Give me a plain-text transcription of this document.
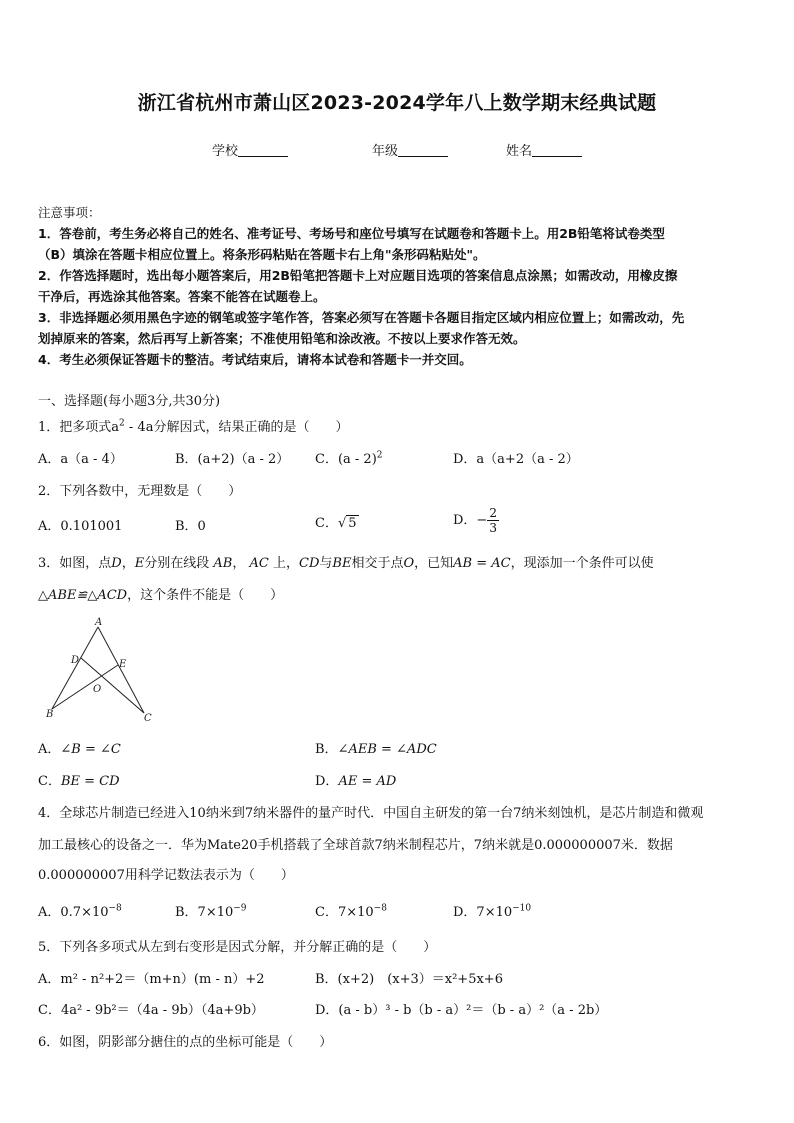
浙江省杭州市萧山区2023-2024学年八上数学期末经典试题
学校	年级	姓名
注意事项：
1．答卷前，考生务必将自己的姓名、准考证号、考场号和座位号填写在试题卷和答题卡上。用2B铅笔将试卷类型
（B）填涂在答题卡相应位置上。将条形码粘贴在答题卡右上角"条形码粘贴处"。
2．作答选择题时，选出每小题答案后，用2B铅笔把答题卡上对应题目选项的答案信息点涂黑；如需改动，用橡皮擦
干净后，再选涂其他答案。答案不能答在试题卷上。
3．非选择题必须用黑色字迹的钢笔或签字笔作答，答案必须写在答题卡各题目指定区域内相应位置上；如需改动，先
划掉原来的答案，然后再写上新答案；不准使用铅笔和涂改液。不按以上要求作答无效。
4．考生必须保证答题卡的整洁。考试结束后，请将本试卷和答题卡一并交回。
一、选择题(每小题3分,共30分)
1．把多项式$a^2 - 4a$分解因式，结果正确的是（　　）
A．a（a - 4）	B．(a+2)（a - 2） C．(a - 2)$^2$	D．a（a+2（a - 2）
2．下列各数中，无理数是（　　）
A．0.101001	B．0	C．√ 5	D．− $\frac{2}{3}$
3．如图，点D，E分别在线段 AB， AC 上，CD与BE相交于点O，已知AB = AC，现添加一个条件可以使
△ABE≌△ACD，这个条件不能是（　　）
A
B	C
D	E
O
A．∠B = ∠C	B．∠AEB = ∠ADC
C．BE = CD	D．AE = AD
4．全球芯片制造已经进入10纳米到7纳米器件的量产时代．中国自主研发的第一台7纳米刻蚀机，是芯片制造和微观
加工最核心的设备之一．华为Mate20手机搭载了全球首款7纳米制程芯片，7纳米就是0.000000007米．数据
0.000000007用科学记数法表示为（　　）
A．$0.7\times 10^{-8}$	B．$7\times 10^{-9}$	C．$7\times 10^{-8}$	D．$7\times 10^{-10}$
5．下列各多项式从左到右变形是因式分解，并分解正确的是（　　）
A．m² - n²+2＝（m+n）(m - n）+2	B．(x+2)　(x+3）＝x²+5x+6
C．4a² - 9b²＝（4a - 9b）（4a+9b）	D．(a - b）³ - b（b - a）²＝（b - a）²（a - 2b）
6．如图，阴影部分搪住的点的坐标可能是（　　）
